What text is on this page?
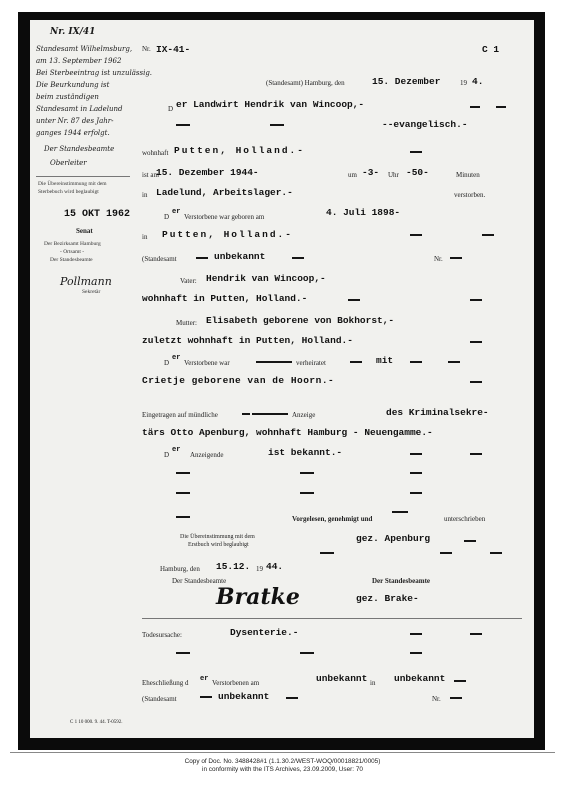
Nr. IX/41
Standesamt Wilhelmsburg,
am 13. September 1962
Bei Sterbeeintrag ist unzulässig.
Die Beurkundung ist
beim zuständigen
Standesamt in Ladelund
unter Nr. 87 des Jahr-
ganges 1944 erfolgt.
Der Standesbeamte
Oberleiter
Die Übereinstimmung mit dem
Sterbebuch wird beglaubigt
15 OKT 1962
Senat
Der Bezirksamt Hamburg
- Ortsamt -
Der Standesbeamte
Pollmann
Sekretär
Nr. IX-41-	C 1
(Standesamt) Hamburg, den	15. Dezember	19 4.
D er Landwirt Hendrik van Wincoop,-
--evangelisch.-
wohnhaft Putten, Holland.-
ist am
15. Dezember 1944-	um -3- Uhr -50-	Minuten
in Ladelund, Arbeitslager.-	verstorben.
D
er
Verstorbene war geboren am	4. Juli 1898-
in Putten, Holland.-
(Standesamt	unbekannt	Nr.
Vater: Hendrik van Wincoop,-
wohnhaft in Putten, Holland.-
Mutter: Elisabeth geborene von Bokhorst,-
zuletzt wohnhaft in Putten, Holland.-
D
er
Verstorbene war	verheiratet	mit
Crietje geborene van de Hoorn.-
Eingetragen auf mündliche	Anzeige	des Kriminalsekre-
tärs Otto Apenburg, wohnhaft Hamburg - Neuengamme.-
D
er
Anzeigende	ist bekannt.-
Vorgelesen, genehmigt und	unterschrieben
Die Übereinstimmung mit dem
Erstbuch wird beglaubigt
gez. Apenburg
Hamburg, den 15.12. 19 44.
Der Standesbeamte	Der Standesbeamte
Bratke	gez. Brake-
Todesursache:	Dysenterie.-
Eheschließung d er Verstorbenen am	unbekannt in unbekannt
(Standesamt	unbekannt	Nr.
C 1 10 000. 9. 44. T-0592.
Copy of Doc. No. 3488428#1 (1.1.30.2/WEST-WOQ/00018821/0005)
in conformity with the ITS Archives, 23.09.2009, User: 70
